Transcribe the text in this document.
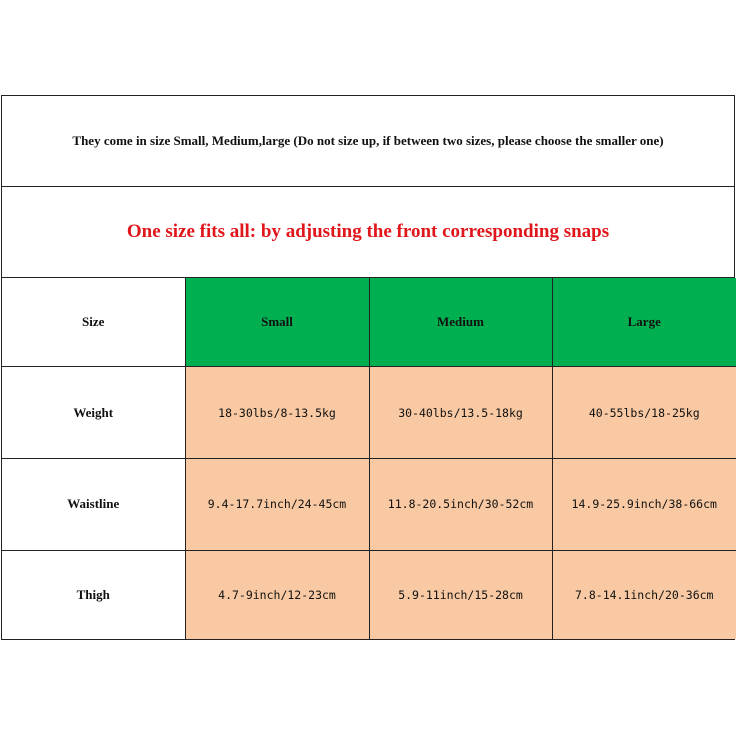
They come in size Small, Medium,large (Do not size up, if between two sizes, please choose the smaller one)
One size fits all: by adjusting the front corresponding snaps
Size	Small	Medium	Large
Weight	18-30lbs/8-13.5kg	30-40lbs/13.5-18kg	40-55lbs/18-25kg
Waistline	9.4-17.7inch/24-45cm	11.8-20.5inch/30-52cm	14.9-25.9inch/38-66cm
Thigh	4.7-9inch/12-23cm	5.9-11inch/15-28cm	7.8-14.1inch/20-36cm
